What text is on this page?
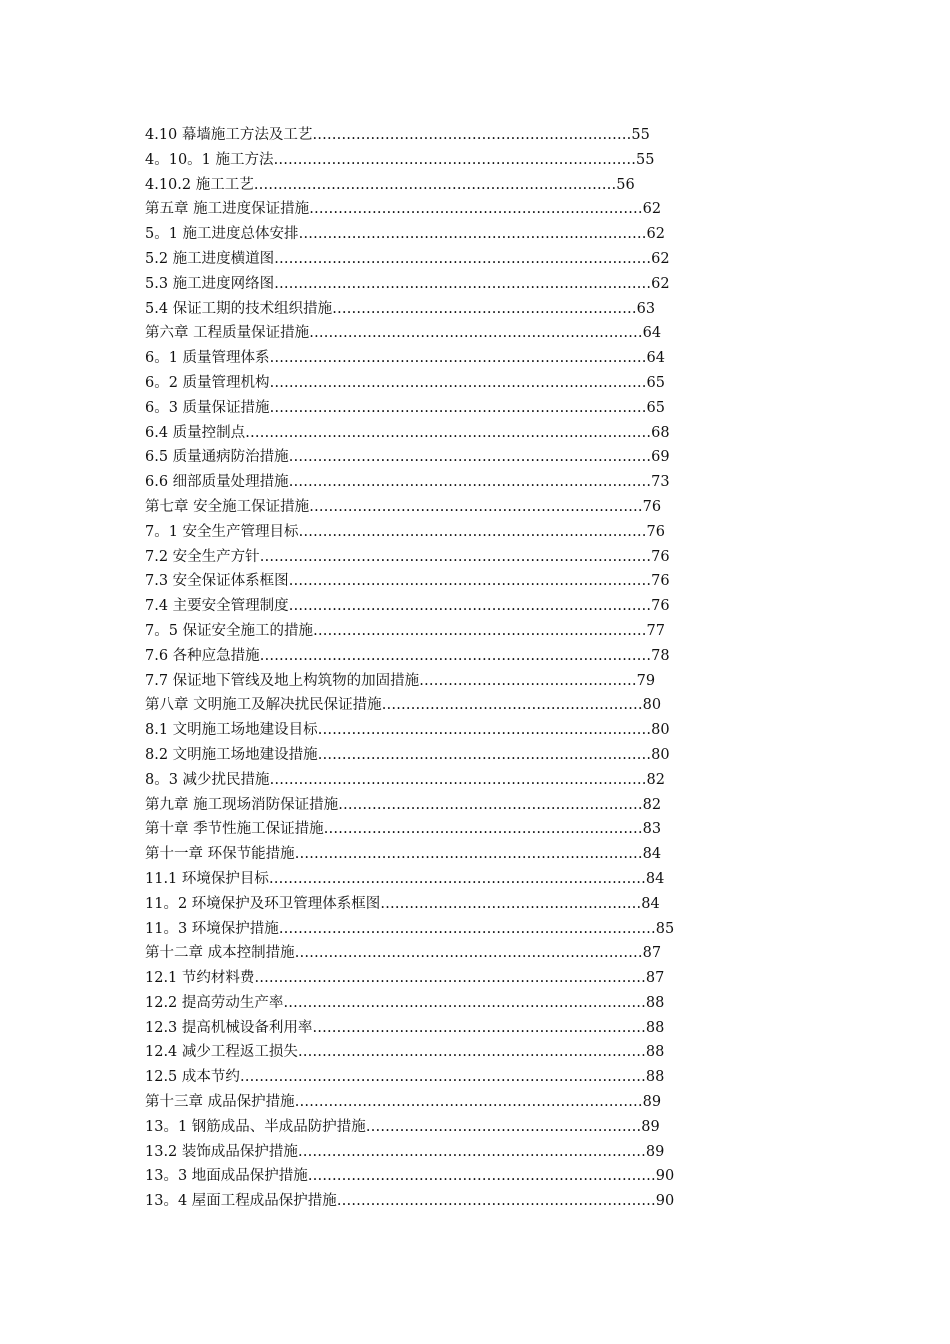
4.10 幕墙施工方法及工艺…………………………………………………………55
4。10。1 施工方法…………………………………………………………………55
4.10.2 施工工艺…………………………………………………………………56
第五章 施工进度保证措施……………………………………………………………62
5。1 施工进度总体安排………………………………………………………………62
5.2 施工进度横道图……………………………………………………………………62
5.3 施工进度网络图……………………………………………………………………62
5.4 保证工期的技术组织措施………………………………………………………63
第六章 工程质量保证措施……………………………………………………………64
6。1 质量管理体系……………………………………………………………………64
6。2 质量管理机构……………………………………………………………………65
6。3 质量保证措施……………………………………………………………………65
6.4 质量控制点…………………………………………………………………………68
6.5 质量通病防治措施…………………………………………………………………69
6.6 细部质量处理措施…………………………………………………………………73
第七章 安全施工保证措施……………………………………………………………76
7。1 安全生产管理目标………………………………………………………………76
7.2 安全生产方针………………………………………………………………………76
7.3 安全保证体系框图…………………………………………………………………76
7.4 主要安全管理制度…………………………………………………………………76
7。5 保证安全施工的措施……………………………………………………………77
7.6 各种应急措施………………………………………………………………………78
7.7 保证地下管线及地上构筑物的加固措施………………………………………79
第八章 文明施工及解决扰民保证措施………………………………………………80
8.1 文明施工场地建设目标……………………………………………………………80
8.2 文明施工场地建设措施……………………………………………………………80
8。3 减少扰民措施……………………………………………………………………82
第九章 施工现场消防保证措施………………………………………………………82
第十章 季节性施工保证措施…………………………………………………………83
第十一章 环保节能措施………………………………………………………………84
11.1 环境保护目标……………………………………………………………………84
11。2 环境保护及环卫管理体系框图………………………………………………84
11。3 环境保护措施……………………………………………………………………85
第十二章 成本控制措施………………………………………………………………87
12.1 节约材料费………………………………………………………………………87
12.2 提高劳动生产率…………………………………………………………………88
12.3 提高机械设备利用率……………………………………………………………88
12.4 减少工程返工损失………………………………………………………………88
12.5 成本节约…………………………………………………………………………88
第十三章 成品保护措施………………………………………………………………89
13。1 钢筋成品、半成品防护措施…………………………………………………89
13.2 装饰成品保护措施………………………………………………………………89
13。3 地面成品保护措施………………………………………………………………90
13。4 屋面工程成品保护措施…………………………………………………………90
